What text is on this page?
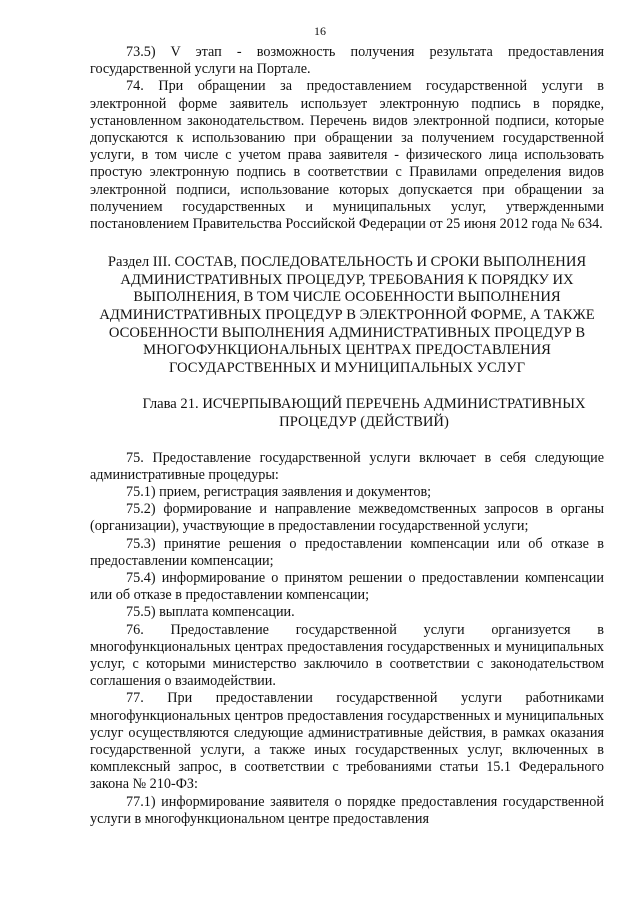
16

73.5) V этап - возможность получения результата предоставления государственной услуги на Портале.

74. При обращении за предоставлением государственной услуги в электронной форме заявитель использует электронную подпись в порядке, установленном законодательством. Перечень видов электронной подписи, которые допускаются к использованию при обращении за получением государственной услуги, в том числе с учетом права заявителя - физического лица использовать простую электронную подпись в соответствии с Правилами определения видов электронной подписи, использование которых допускается при обращении за получением государственных и муниципальных услуг, утвержденными постановлением Правительства Российской Федерации от 25 июня 2012 года № 634.

Раздел III. СОСТАВ, ПОСЛЕДОВАТЕЛЬНОСТЬ И СРОКИ ВЫПОЛНЕНИЯ АДМИНИСТРАТИВНЫХ ПРОЦЕДУР, ТРЕБОВАНИЯ К ПОРЯДКУ ИХ ВЫПОЛНЕНИЯ, В ТОМ ЧИСЛЕ ОСОБЕННОСТИ ВЫПОЛНЕНИЯ АДМИНИСТРАТИВНЫХ ПРОЦЕДУР В ЭЛЕКТРОННОЙ ФОРМЕ, А ТАКЖЕ ОСОБЕННОСТИ ВЫПОЛНЕНИЯ АДМИНИСТРАТИВНЫХ ПРОЦЕДУР В МНОГОФУНКЦИОНАЛЬНЫХ ЦЕНТРАХ ПРЕДОСТАВЛЕНИЯ ГОСУДАРСТВЕННЫХ И МУНИЦИПАЛЬНЫХ УСЛУГ
Глава 21. ИСЧЕРПЫВАЮЩИЙ ПЕРЕЧЕНЬ АДМИНИСТРАТИВНЫХ ПРОЦЕДУР (ДЕЙСТВИЙ)

75. Предоставление государственной услуги включает в себя следующие административные процедуры:

75.1) прием, регистрация заявления и документов;

75.2) формирование и направление межведомственных запросов в органы (организации), участвующие в предоставлении государственной услуги;

75.3) принятие решения о предоставлении компенсации или об отказе в предоставлении компенсации;

75.4) информирование о принятом решении о предоставлении компенсации или об отказе в предоставлении компенсации;

75.5) выплата компенсации.

76. Предоставление государственной услуги организуется в многофункциональных центрах предоставления государственных и муниципальных услуг, с которыми министерство заключило в соответствии с законодательством соглашения о взаимодействии.

77. При предоставлении государственной услуги работниками многофункциональных центров предоставления государственных и муниципальных услуг осуществляются следующие административные действия, в рамках оказания государственной услуги, а также иных государственных услуг, включенных в комплексный запрос, в соответствии с требованиями статьи 15.1 Федерального закона № 210-ФЗ:

77.1) информирование заявителя о порядке предоставления государственной услуги в многофункциональном центре предоставления
